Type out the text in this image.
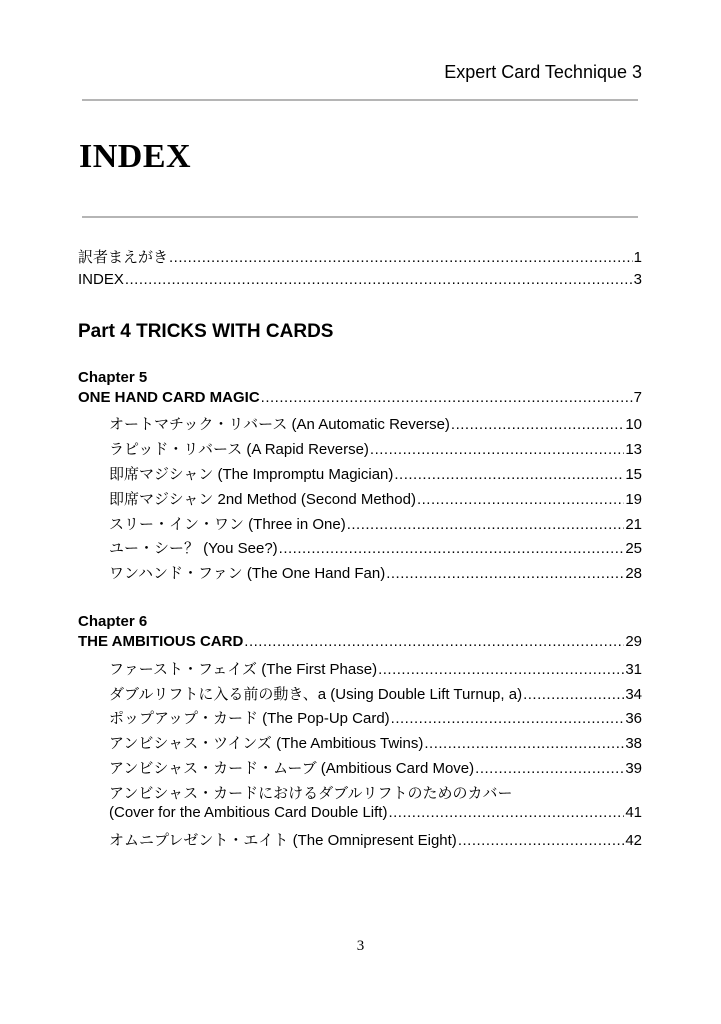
Expert Card Technique 3
INDEX
訳者まえがき .....	1
INDEX .....	3
Part 4 TRICKS WITH CARDS
Chapter 5
ONE HAND CARD MAGIC .....	7
オートマチック・リバース (An Automatic Reverse) .....	10
ラピッド・リバース (A Rapid Reverse) .....	13
即席マジシャン (The Impromptu Magician) .....	15
即席マジシャン 2nd Method (Second Method) .....	19
スリー・イン・ワン (Three in One) .....	21
ユー・シー？ (You See?) .....	25
ワンハンド・ファン (The One Hand Fan) .....	28
Chapter 6
THE AMBITIOUS CARD .....	29
ファースト・フェイズ (The First Phase) .....	31
ダブルリフトに入る前の動き、a (Using Double Lift Turnup, a) .....	34
ポップアップ・カード (The Pop-Up Card) .....	36
アンビシャス・ツインズ (The Ambitious Twins) .....	38
アンビシャス・カード・ムーブ (Ambitious Card Move) .....	39
アンビシャス・カードにおけるダブルリフトのためのカバー
(Cover for the Ambitious Card Double Lift) .....	41
オムニプレゼント・エイト (The Omnipresent Eight) .....	42
3
